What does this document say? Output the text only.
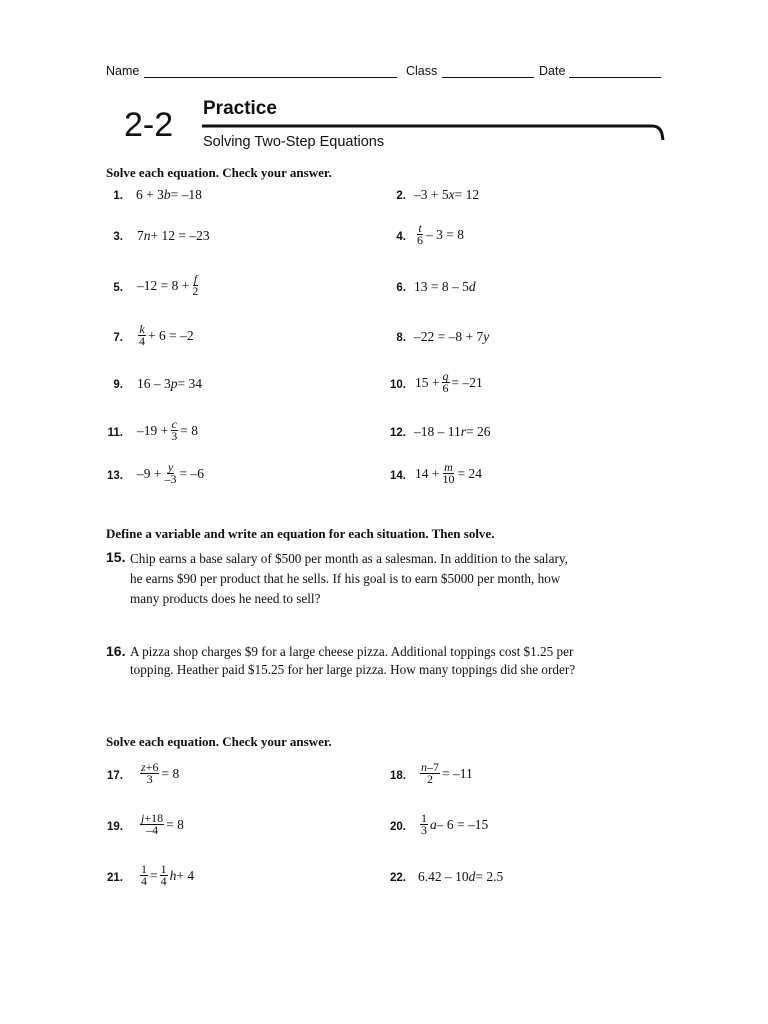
Name	Class	Date
2-2 Practice
Solving Two-Step Equations
Solve each equation. Check your answer.
1. 6 + 3 b = –18	2. –3 + 5 x = 12
3. 7 n + 12 = –23	4. $\frac{t}{6} - 3 = 8$
5. $-12 = 8 + \frac{f}{2}$	6. 13 = 8 – 5 d
7. $\frac{k}{4} + 6 = -2$	8. –22 = –8 + 7 y
9. 16 – 3 p = 34	10. $15 + \frac{q}{6} = -21$
11. $-19 + \frac{c}{3} = 8$	12. –18 – 11 r = 26
13. $-9 + \frac{y}{-3} = -6$	14. $14 + \frac{m}{10} = 24$
Define a variable and write an equation for each situation. Then solve.
15. Chip earns a base salary of $500 per month as a salesman. In addition to the salary, he earns $90 per product that he sells. If his goal is to earn $5000 per month, how many products does he need to sell?
16. A pizza shop charges $9 for a large cheese pizza. Additional toppings cost $1.25 per topping. Heather paid $15.25 for her large pizza. How many toppings did she order?
Solve each equation. Check your answer.
17. $\frac{z+6}{3} = 8$	18. $\frac{n-7}{2} = -11$
19. $\frac{j+18}{-4} = 8$	20. $\frac{1}{3}$ a – 6 = –15
21. $\frac{1}{4} = \frac{1}{4}$ h + 4	22. 6.42 – 10 d = 2.5
